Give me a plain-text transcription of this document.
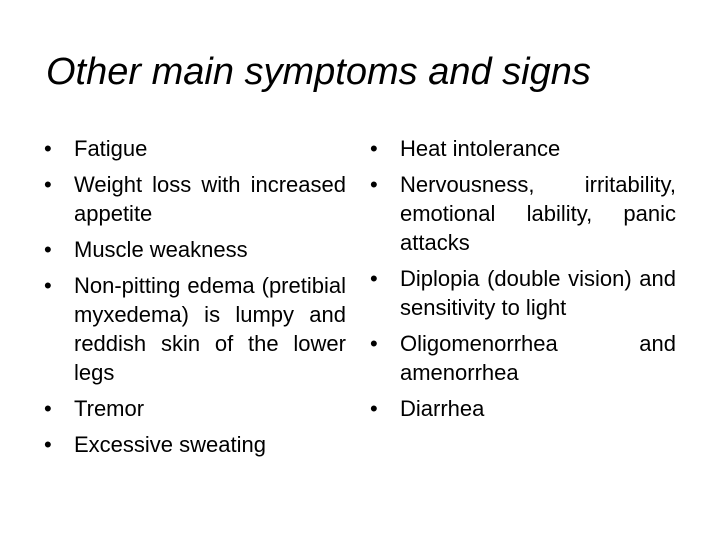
Other main symptoms and signs
•	Fatigue
•	Weight loss with increased appetite
•	Muscle weakness
•	Non-pitting edema (pretibial myxedema) is lumpy and reddish skin of the lower legs
•	Tremor
•	Excessive sweating
•	Heat intolerance
•	Nervousness, irritability, emotional lability, panic attacks
•	Diplopia (double vision) and sensitivity to light
•	Oligomenorrhea and amenorrhea
•	Diarrhea
